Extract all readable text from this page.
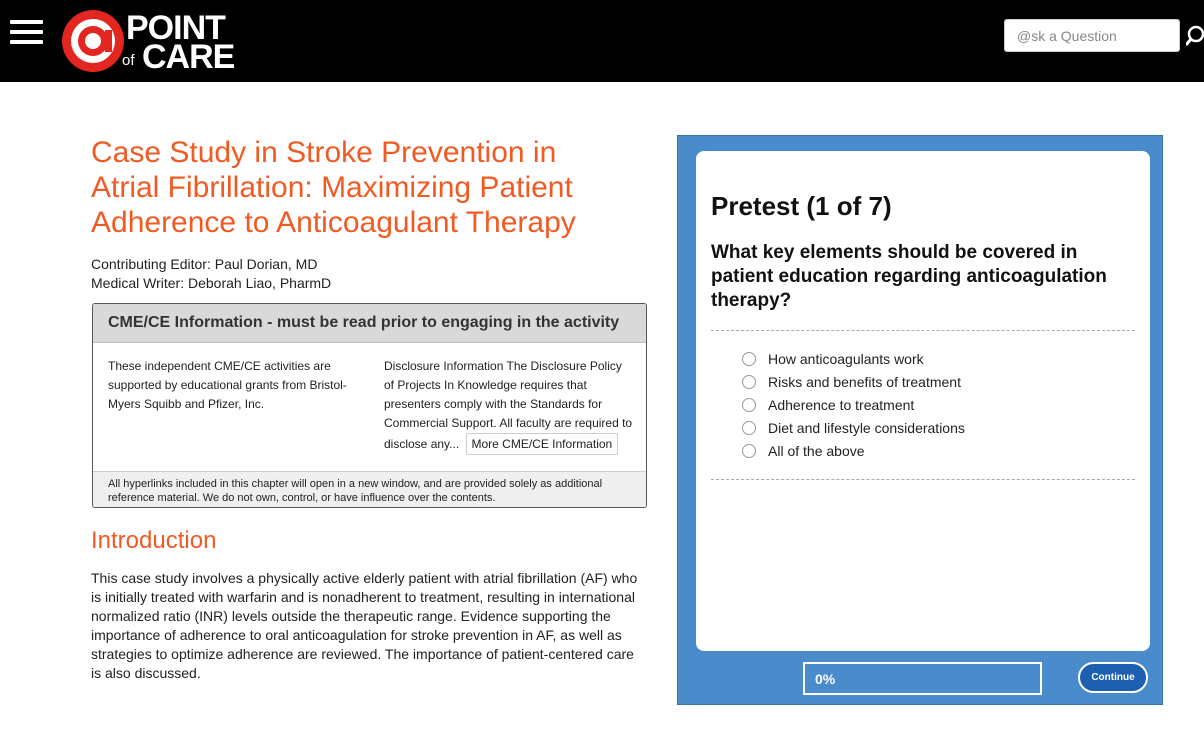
POINT
of CARE
@sk a Question
Case Study in Stroke Prevention in Atrial Fibrillation: Maximizing Patient Adherence to Anticoagulant Therapy
Contributing Editor: Paul Dorian, MD
Medical Writer: Deborah Liao, PharmD
CME/CE Information - must be read prior to engaging in the activity
These independent CME/CE activities are supported by educational grants from Bristol-Myers Squibb and Pfizer, Inc.
Disclosure Information The Disclosure Policy of Projects In Knowledge requires that presenters comply with the Standards for Commercial Support. All faculty are required to disclose any... More CME/CE Information
All hyperlinks included in this chapter will open in a new window, and are provided solely as additional reference material. We do not own, control, or have influence over the contents.
Introduction

This case study involves a physically active elderly patient with atrial fibrillation (AF) who is initially treated with warfarin and is nonadherent to treatment, resulting in international normalized ratio (INR) levels outside the therapeutic range. Evidence supporting the importance of adherence to oral anticoagulation for stroke prevention in AF, as well as strategies to optimize adherence are reviewed. The importance of patient-centered care is also discussed.

Pretest (1 of 7)
What key elements should be covered in patient education regarding anticoagulation therapy?
How anticoagulants work
Risks and benefits of treatment
Adherence to treatment
Diet and lifestyle considerations
All of the above
0%	Continue
